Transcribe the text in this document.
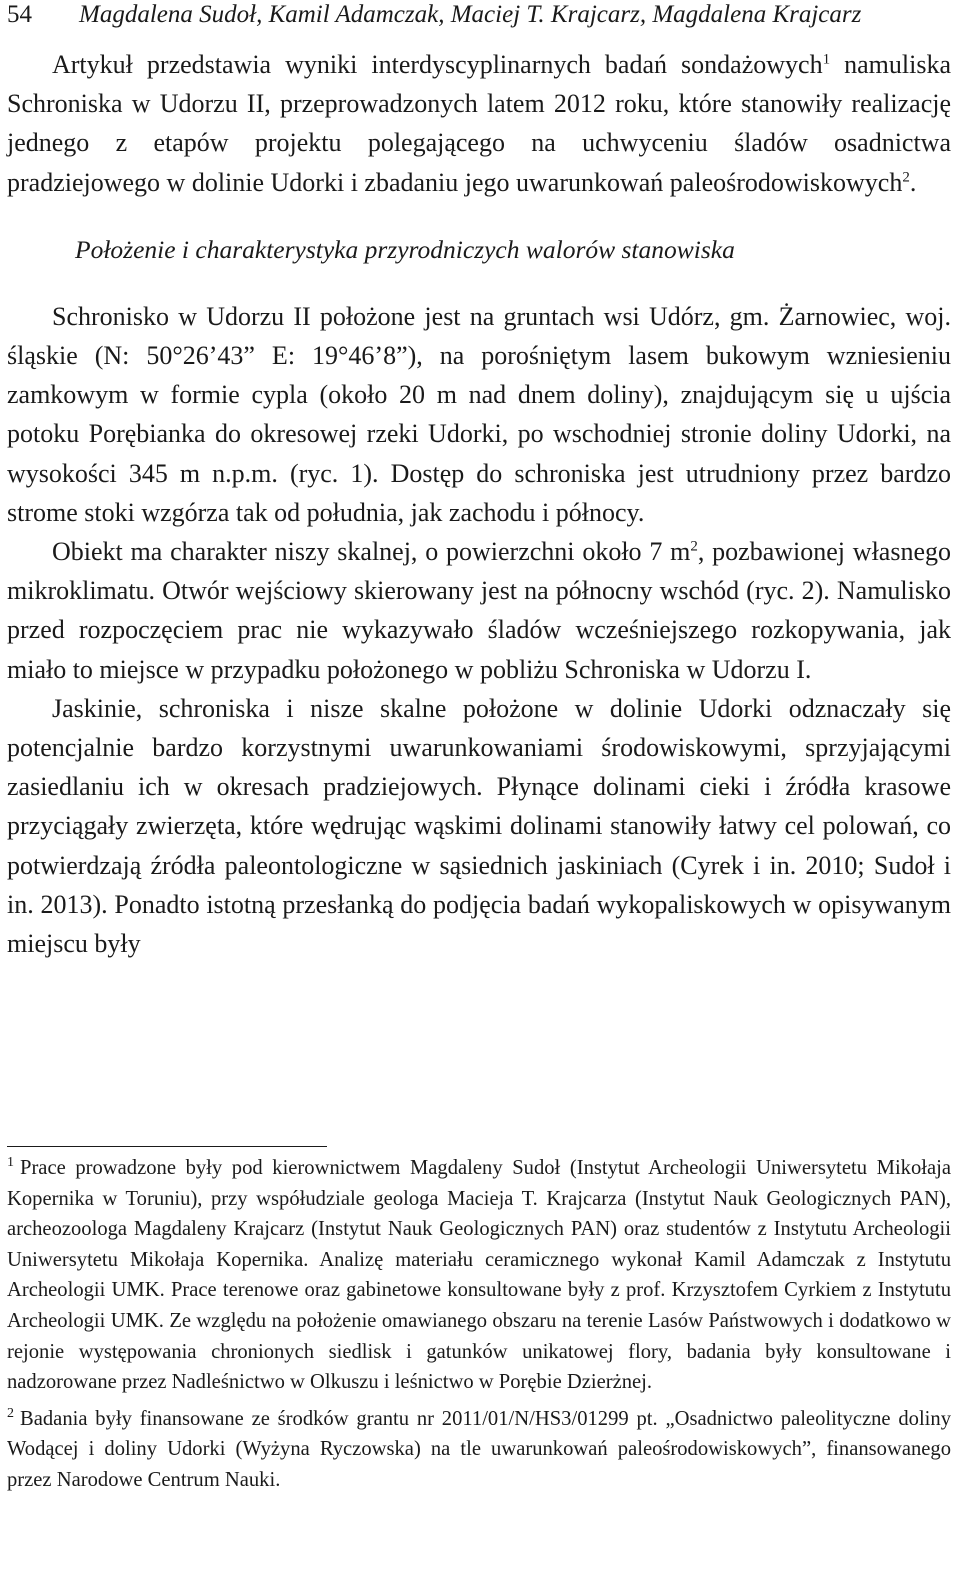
54 Magdalena Sudoł, Kamil Adamczak, Maciej T. Krajcarz, Magdalena Krajcarz

Artykuł przedstawia wyniki interdyscyplinarnych badań sondażowych$^1$ namuliska Schroniska w Udorzu II, przeprowadzonych latem 2012 roku, które stanowiły realizację jednego z etapów projektu polegającego na uchwyceniu śladów osadnictwa pradziejowego w dolinie Udorki i zbadaniu jego uwarunkowań paleośrodowiskowych$^2$.

Położenie i charakterystyka przyrodniczych walorów stanowiska

Schronisko w Udorzu II położone jest na gruntach wsi Udórz, gm. Żarnowiec, woj. śląskie (N: 50°26’43” E: 19°46’8”), na porośniętym lasem bukowym wzniesieniu zamkowym w formie cypla (około 20 m nad dnem doliny), znajdującym się u ujścia potoku Porębianka do okresowej rzeki Udorki, po wschodniej stronie doliny Udorki, na wysokości 345 m n.p.m. (ryc. 1). Dostęp do schroniska jest utrudniony przez bardzo strome stoki wzgórza tak od południa, jak zachodu i północy.

Obiekt ma charakter niszy skalnej, o powierzchni około 7 $m^2$, pozbawionej własnego mikroklimatu. Otwór wejściowy skierowany jest na północny wschód (ryc. 2). Namulisko przed rozpoczęciem prac nie wykazywało śladów wcześniejszego rozkopywania, jak miało to miejsce w przypadku położonego w pobliżu Schroniska w Udorzu I.

Jaskinie, schroniska i nisze skalne położone w dolinie Udorki odznaczały się potencjalnie bardzo korzystnymi uwarunkowaniami środowiskowymi, sprzyjającymi zasiedlaniu ich w okresach pradziejowych. Płynące dolinami cieki i źródła krasowe przyciągały zwierzęta, które wędrując wąskimi dolinami stanowiły łatwy cel polowań, co potwierdzają źródła paleontologiczne w sąsiednich jaskiniach (Cyrek i in. 2010; Sudoł i in. 2013). Ponadto istotną przesłanką do podjęcia badań wykopaliskowych w opisywanym miejscu były

$^1$ Prace prowadzone były pod kierownictwem Magdaleny Sudoł (Instytut Archeologii Uniwersytetu Mikołaja Kopernika w Toruniu), przy współudziale geologa Macieja T. Krajcarza (Instytut Nauk Geologicznych PAN), archeozoologa Magdaleny Krajcarz (Instytut Nauk Geologicznych PAN) oraz studentów z Instytutu Archeologii Uniwersytetu Mikołaja Kopernika. Analizę materiału ceramicznego wykonał Kamil Adamczak z Instytutu Archeologii UMK. Prace terenowe oraz gabinetowe konsultowane były z prof. Krzysztofem Cyrkiem z Instytutu Archeologii UMK. Ze względu na położenie omawianego obszaru na terenie Lasów Państwowych i dodatkowo w rejonie występowania chronionych siedlisk i gatunków unikatowej flory, badania były konsultowane i nadzorowane przez Nadleśnictwo w Olkuszu i leśnictwo w Porębie Dzierżnej.

$^2$ Badania były finansowane ze środków grantu nr 2011/01/N/HS3/01299 pt. „Osadnictwo paleolityczne doliny Wodącej i doliny Udorki (Wyżyna Ryczowska) na tle uwarunkowań paleośrodowiskowych”, finansowanego przez Narodowe Centrum Nauki.
